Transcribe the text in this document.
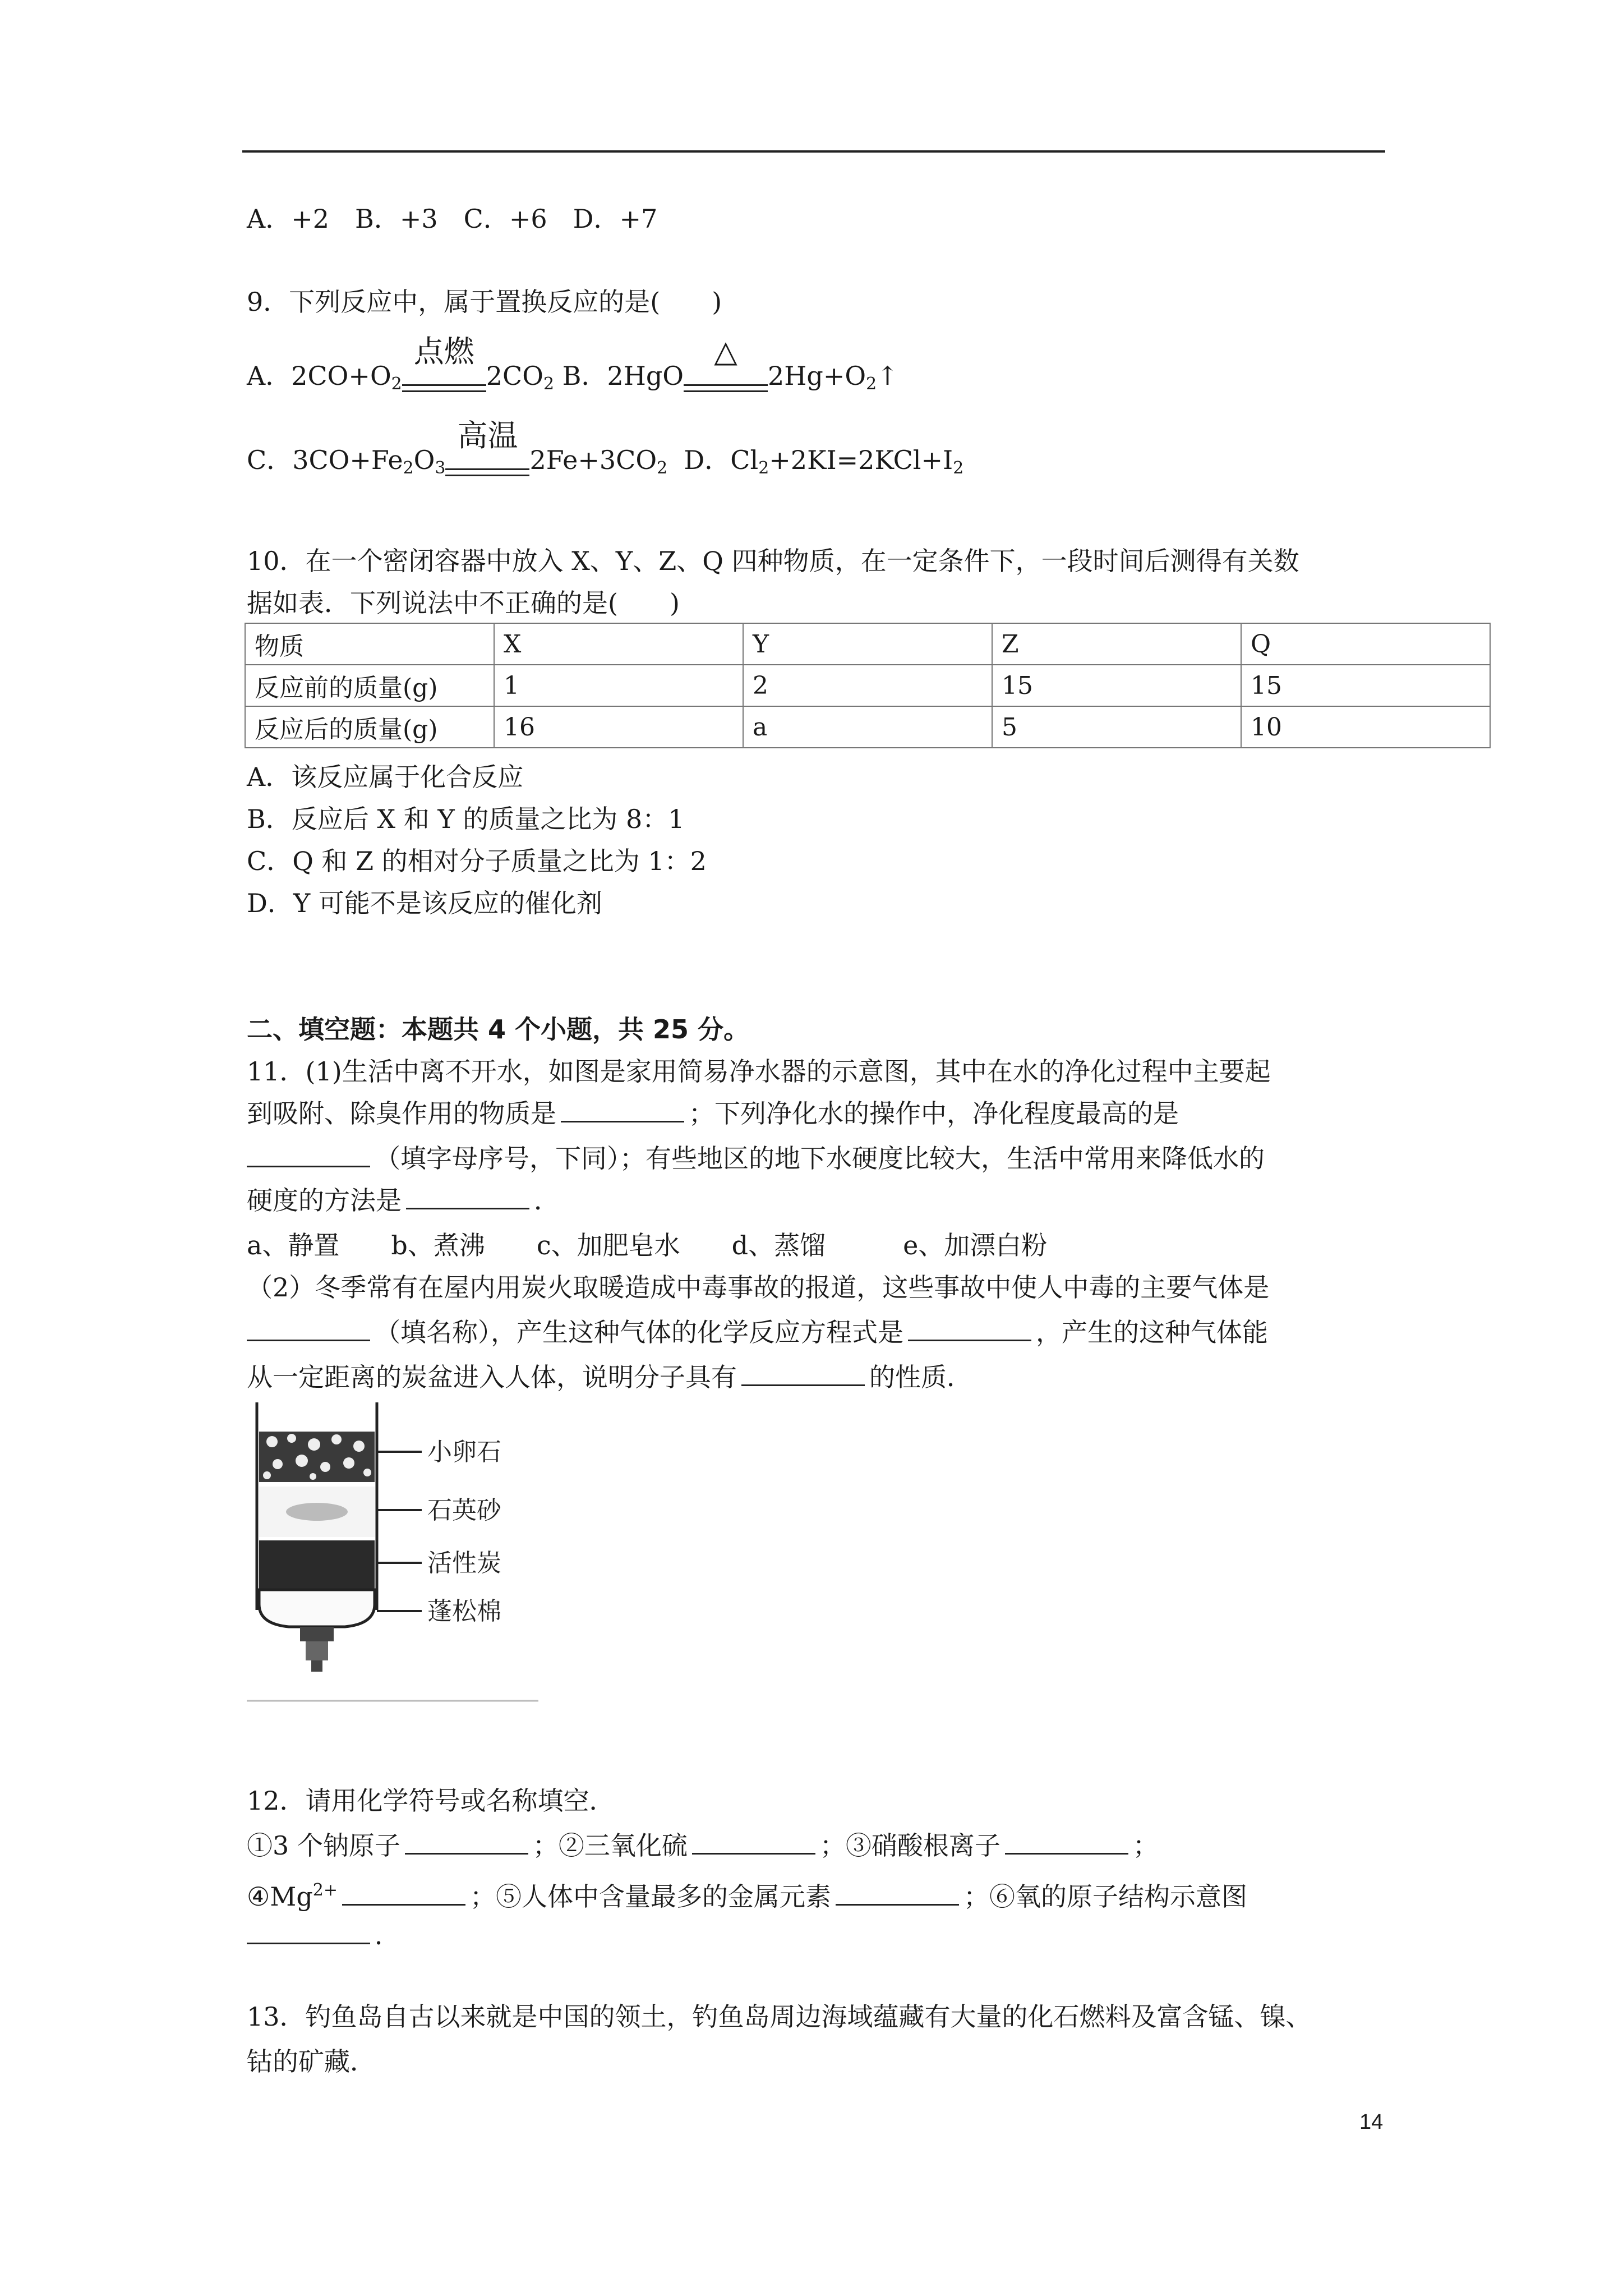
A．+2　B．+3　C．+6　D．+7
9．下列反应中，属于置换反应的是(　　)
A．$2CO+O_2$
点燃
$2CO_2$ B．2HgO
△
$2Hg+O_2↑$
C．$3CO+Fe_2O_3$
高温
$2Fe+3CO_2$ D．$Cl_2+2KI=2KCl+I_2$
10．在一个密闭容器中放入 X、Y、Z、Q 四种物质，在一定条件下，一段时间后测得有关数
据如表．下列说法中不正确的是(　　)
物质	X	Y	Z	Q
反应前的质量(g)	1	2	15	15
反应后的质量(g)	16	a	5	10
A．该反应属于化合反应
B．反应后 X 和 Y 的质量之比为 8：1
C．Q 和 Z 的相对分子质量之比为 1：2
D．Y 可能不是该反应的催化剂
二、填空题：本题共 4 个小题，共 25 分。
11．(1)生活中离不开水，如图是家用简易净水器的示意图，其中在水的净化过程中主要起
到吸附、除臭作用的物质是	；下列净化水的操作中，净化程度最高的是
（填字母序号，下同）；有些地区的地下水硬度比较大，生活中常用来降低水的
硬度的方法是	．
a、静置　　b、煮沸　　c、加肥皂水　　d、蒸馏　　　e、加漂白粉
（2）冬季常有在屋内用炭火取暖造成中毒事故的报道，这些事故中使人中毒的主要气体是
（填名称），产生这种气体的化学反应方程式是	，产生的这种气体能
从一定距离的炭盆进入人体，说明分子具有	的性质．
小卵石
石英砂
活性炭
蓬松棉
12．请用化学符号或名称填空．
①3 个钠原子	；②三氧化硫	；③硝酸根离子	；
$④Mg^{2+}$	；⑤人体中含量最多的金属元素	；⑥氧的原子结构示意图
．
13．钓鱼岛自古以来就是中国的领土，钓鱼岛周边海域蕴藏有大量的化石燃料及富含锰、镍、
钴的矿藏．
14
